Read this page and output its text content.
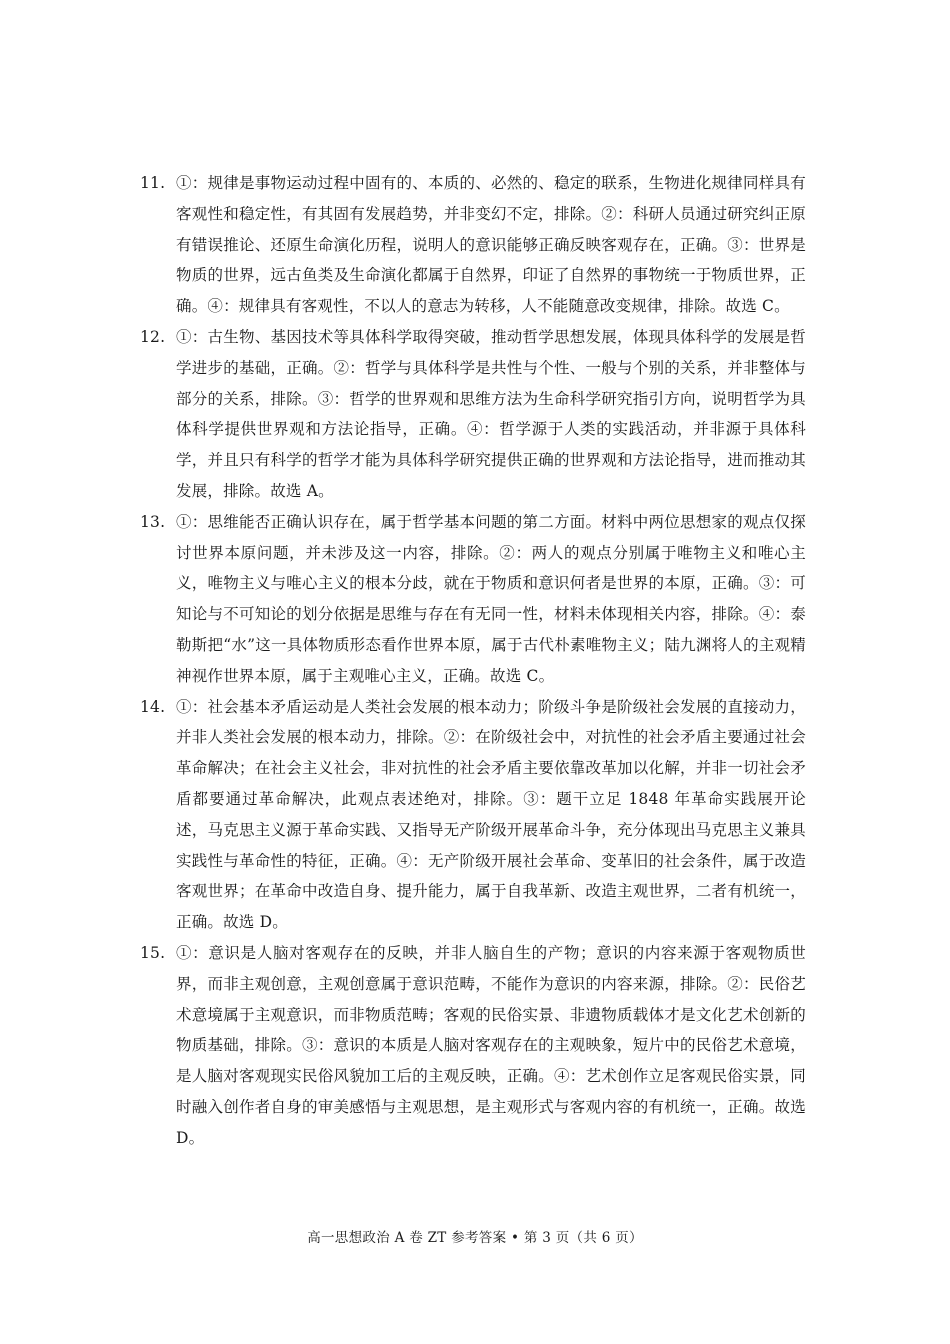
11. ①：规律是事物运动过程中固有的、本质的、必然的、稳定的联系，生物进化规律同样具有客观性和稳定性，有其固有发展趋势，并非变幻不定，排除。②：科研人员通过研究纠正原有错误推论、还原生命演化历程，说明人的意识能够正确反映客观存在，正确。③：世界是物质的世界，远古鱼类及生命演化都属于自然界，印证了自然界的事物统一于物质世界，正确。④：规律具有客观性，不以人的意志为转移，人不能随意改变规律，排除。故选 C。
12. ①：古生物、基因技术等具体科学取得突破，推动哲学思想发展，体现具体科学的发展是哲学进步的基础，正确。②：哲学与具体科学是共性与个性、一般与个别的关系，并非整体与部分的关系，排除。③：哲学的世界观和思维方法为生命科学研究指引方向，说明哲学为具体科学提供世界观和方法论指导，正确。④：哲学源于人类的实践活动，并非源于具体科学，并且只有科学的哲学才能为具体科学研究提供正确的世界观和方法论指导，进而推动其发展，排除。故选 A。
13. ①：思维能否正确认识存在，属于哲学基本问题的第二方面。材料中两位思想家的观点仅探讨世界本原问题，并未涉及这一内容，排除。②：两人的观点分别属于唯物主义和唯心主义，唯物主义与唯心主义的根本分歧，就在于物质和意识何者是世界的本原，正确。③：可知论与不可知论的划分依据是思维与存在有无同一性，材料未体现相关内容，排除。④：泰勒斯把“水”这一具体物质形态看作世界本原，属于古代朴素唯物主义；陆九渊将人的主观精神视作世界本原，属于主观唯心主义，正确。故选 C。
14. ①：社会基本矛盾运动是人类社会发展的根本动力；阶级斗争是阶级社会发展的直接动力，并非人类社会发展的根本动力，排除。②：在阶级社会中，对抗性的社会矛盾主要通过社会革命解决；在社会主义社会，非对抗性的社会矛盾主要依靠改革加以化解，并非一切社会矛盾都要通过革命解决，此观点表述绝对，排除。③：题干立足 1848 年革命实践展开论述，马克思主义源于革命实践、又指导无产阶级开展革命斗争，充分体现出马克思主义兼具实践性与革命性的特征，正确。④：无产阶级开展社会革命、变革旧的社会条件，属于改造客观世界；在革命中改造自身、提升能力，属于自我革新、改造主观世界，二者有机统一，正确。故选 D。
15. ①：意识是人脑对客观存在的反映，并非人脑自生的产物；意识的内容来源于客观物质世界，而非主观创意，主观创意属于意识范畴，不能作为意识的内容来源，排除。②：民俗艺术意境属于主观意识，而非物质范畴；客观的民俗实景、非遗物质载体才是文化艺术创新的物质基础，排除。③：意识的本质是人脑对客观存在的主观映象，短片中的民俗艺术意境，是人脑对客观现实民俗风貌加工后的主观反映，正确。④：艺术创作立足客观民俗实景，同时融入创作者自身的审美感悟与主观思想，是主观形式与客观内容的有机统一，正确。故选 D。
高一思想政治 A 卷 ZT 参考答案 • 第 3 页（共 6 页）
